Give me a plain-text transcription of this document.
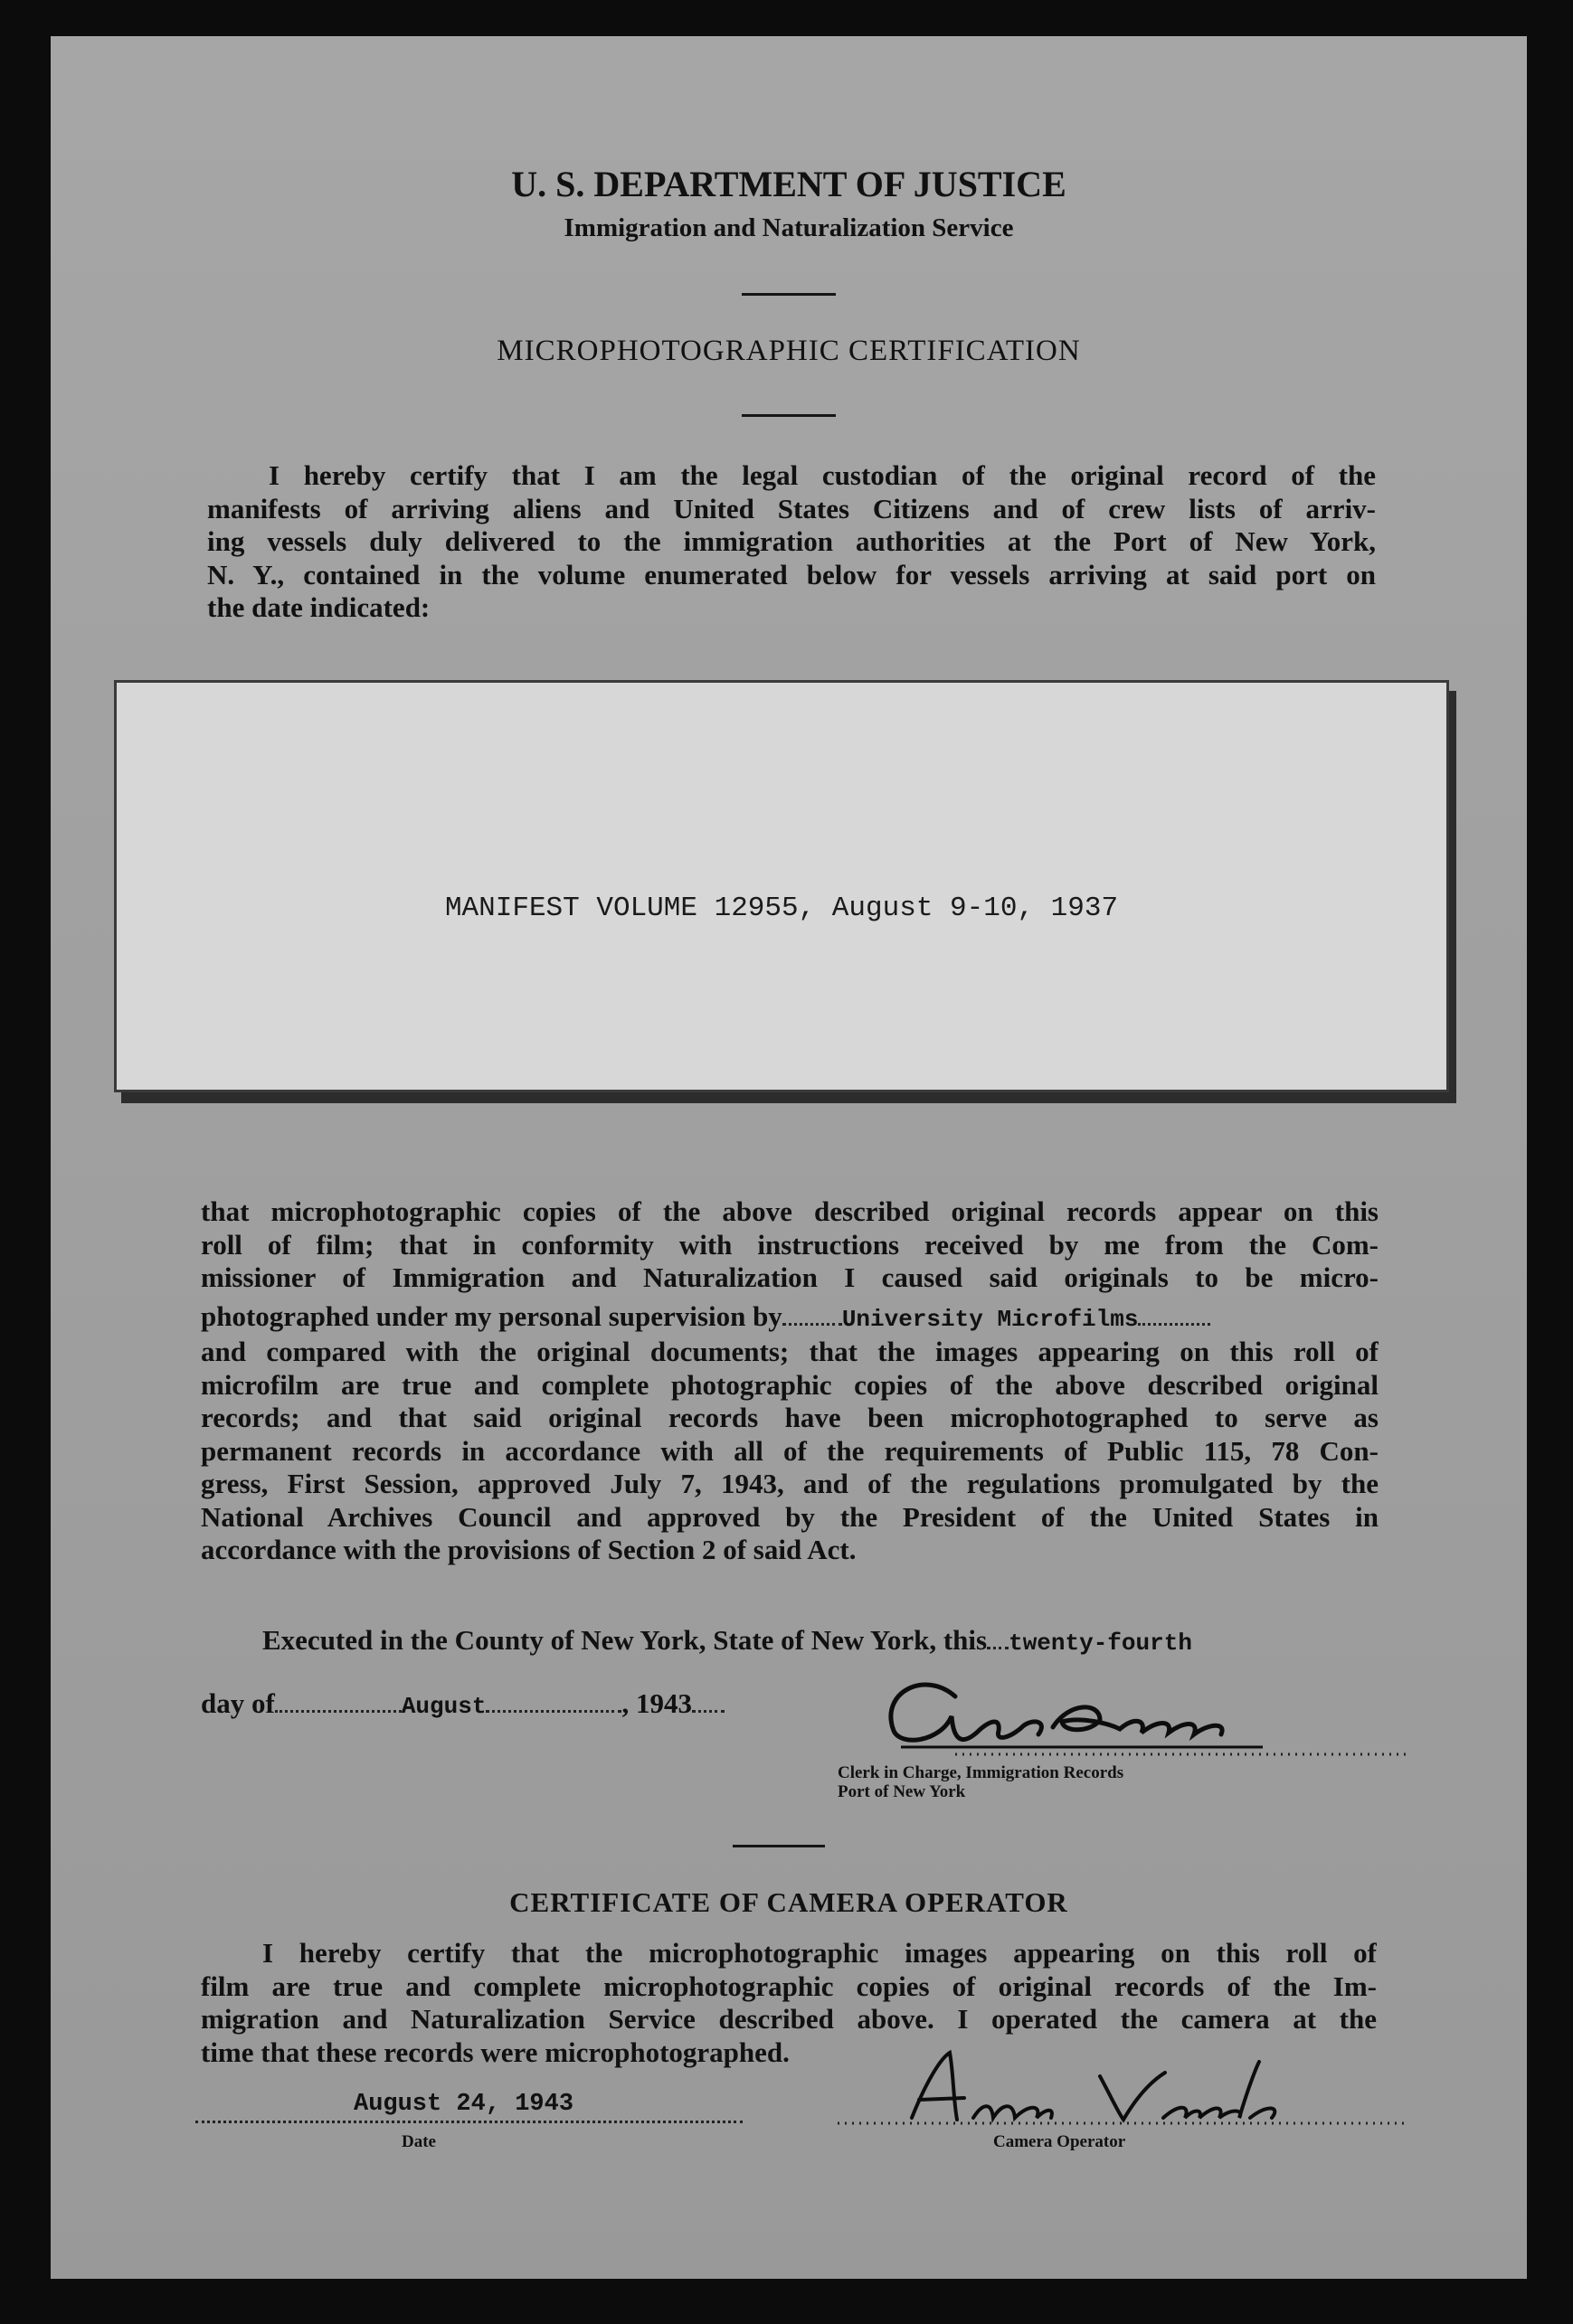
U. S. DEPARTMENT OF JUSTICE
Immigration and Naturalization Service
MICROPHOTOGRAPHIC CERTIFICATION
I hereby certify that I am the legal custodian of the original record of the
manifests of arriving aliens and United States Citizens and of crew lists of arriv-
ing vessels duly delivered to the immigration authorities at the Port of New York,
N. Y., contained in the volume enumerated below for vessels arriving at said port on
the date indicated:
MANIFEST VOLUME 12955, August 9-10, 1937
that microphotographic copies of the above described original records appear on this
roll of film; that in conformity with instructions received by me from the Com-
missioner of Immigration and Naturalization I caused said originals to be micro-
photographed under my personal supervision by	University Microfilms
and compared with the original documents; that the images appearing on this roll of
microfilm are true and complete photographic copies of the above described original
records; and that said original records have been microphotographed to serve as
permanent records in accordance with all of the requirements of Public 115, 78 Con-
gress, First Session, approved July 7, 1943, and of the regulations promulgated by the
National Archives Council and approved by the President of the United States in
accordance with the provisions of Section 2 of said Act.
Executed in the County of New York, State of New York, this twenty-fourth
day of	August	, 1943
Clerk in Charge, Immigration Records
Port of New York
CERTIFICATE OF CAMERA OPERATOR
I hereby certify that the microphotographic images appearing on this roll of
film are true and complete microphotographic copies of original records of the Im-
migration and Naturalization Service described above. I operated the camera at the
time that these records were microphotographed.
August 24, 1943
Date	Camera Operator
